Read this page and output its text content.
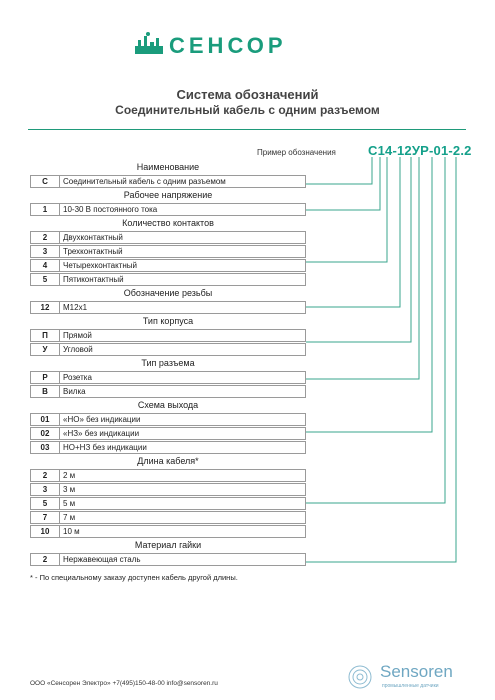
СЕНСОР
Система обозначений
Соединительный кабель с одним разъемом
Пример обозначения С14-12УР-01-2.2
Наименование
С	Соединительный кабель с одним разъемом
Рабочее напряжение
1	10-30 В постоянного тока
Количество контактов
2	Двухконтактный
3	Трехконтактный
4	Четырехконтактный
5	Пятиконтактный
Обозначение резьбы
12	M12x1
Тип корпуса
П	Прямой
У	Угловой
Тип разъема
Р	Розетка
В	Вилка
Схема выхода
01	«НО» без индикации
02	«НЗ» без индикации
03	НО+НЗ без индикации
Длина кабеля*
2	2 м
3	3 м
5	5 м
7	7 м
10	10 м
Материал гайки
2	Нержавеющая сталь
* - По специальному заказу доступен кабель другой длины.
ООО «Сенсорен Электро» +7(495)150-48-00 info@sensoren.ru
Sensoren
промышленные датчики
